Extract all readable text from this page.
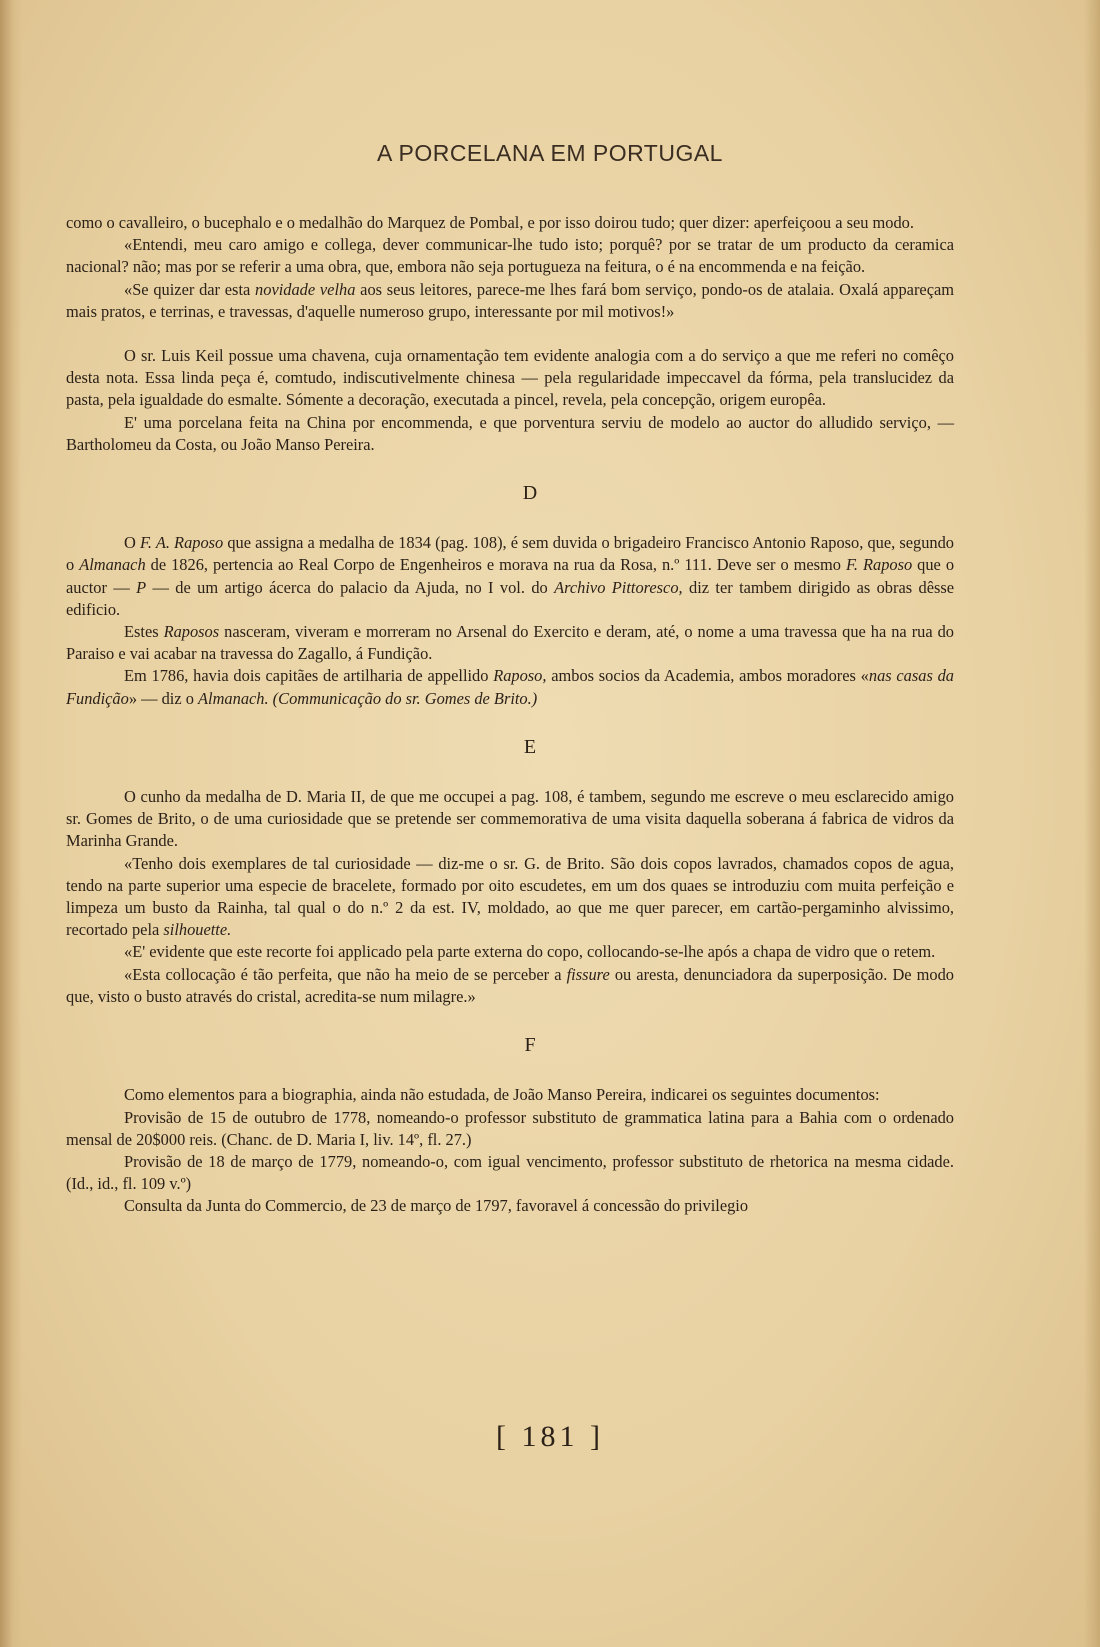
A PORCELANA EM PORTUGAL

como o cavalleiro, o bucephalo e o medalhão do Marquez de Pombal, e por isso doirou tudo; quer dizer: aperfeiçoou a seu modo.

«Entendi, meu caro amigo e collega, dever communicar-lhe tudo isto; porquê? por se tratar de um producto da ceramica nacional? não; mas por se referir a uma obra, que, embora não seja portugueza na feitura, o é na encommenda e na feição.

«Se quizer dar esta novidade velha aos seus leitores, parece-me lhes fará bom serviço, pondo-os de atalaia. Oxalá appareçam mais pratos, e terrinas, e travessas, d'aquelle numeroso grupo, interessante por mil motivos!»

O sr. Luis Keil possue uma chavena, cuja ornamentação tem evidente analogia com a do serviço a que me referi no comêço desta nota. Essa linda peça é, comtudo, indiscutivelmente chinesa — pela regularidade impeccavel da fórma, pela translucidez da pasta, pela igualdade do esmalte. Sómente a decoração, executada a pincel, revela, pela concepção, origem europêa.

E' uma porcelana feita na China por encommenda, e que porventura serviu de modelo ao auctor do alludido serviço, — Bartholomeu da Costa, ou João Manso Pereira.

D

O F. A. Raposo que assigna a medalha de 1834 (pag. 108), é sem duvida o brigadeiro Francisco Antonio Raposo, que, segundo o Almanach de 1826, pertencia ao Real Corpo de Engenheiros e morava na rua da Rosa, n.º 111. Deve ser o mesmo F. Raposo que o auctor — P — de um artigo ácerca do palacio da Ajuda, no I vol. do Archivo Pittoresco, diz ter tambem dirigido as obras dêsse edificio.

Estes Raposos nasceram, viveram e morreram no Arsenal do Exercito e deram, até, o nome a uma travessa que ha na rua do Paraiso e vai acabar na travessa do Zagallo, á Fundição.

Em 1786, havia dois capitães de artilharia de appellido Raposo, ambos socios da Academia, ambos moradores «nas casas da Fundição» — diz o Almanach. (Communicação do sr. Gomes de Brito.)

E

O cunho da medalha de D. Maria II, de que me occupei a pag. 108, é tambem, segundo me escreve o meu esclarecido amigo sr. Gomes de Brito, o de uma curiosidade que se pretende ser commemorativa de uma visita daquella soberana á fabrica de vidros da Marinha Grande.

«Tenho dois exemplares de tal curiosidade — diz-me o sr. G. de Brito. São dois copos lavrados, chamados copos de agua, tendo na parte superior uma especie de bracelete, formado por oito escudetes, em um dos quaes se introduziu com muita perfeição e limpeza um busto da Rainha, tal qual o do n.º 2 da est. IV, moldado, ao que me quer parecer, em cartão-pergaminho alvissimo, recortado pela silhouette.

«E' evidente que este recorte foi applicado pela parte externa do copo, collocando-se-lhe após a chapa de vidro que o retem.

«Esta collocação é tão perfeita, que não ha meio de se perceber a fissure ou aresta, denunciadora da superposição. De modo que, visto o busto através do cristal, acredita-se num milagre.»

F

Como elementos para a biographia, ainda não estudada, de João Manso Pereira, indicarei os seguintes documentos:

Provisão de 15 de outubro de 1778, nomeando-o professor substituto de grammatica latina para a Bahia com o ordenado mensal de 20$000 reis. (Chanc. de D. Maria I, liv. 14º, fl. 27.)

Provisão de 18 de março de 1779, nomeando-o, com igual vencimento, professor substituto de rhetorica na mesma cidade. (Id., id., fl. 109 v.º)

Consulta da Junta do Commercio, de 23 de março de 1797, favoravel á concessão do privilegio

[ 181 ]
